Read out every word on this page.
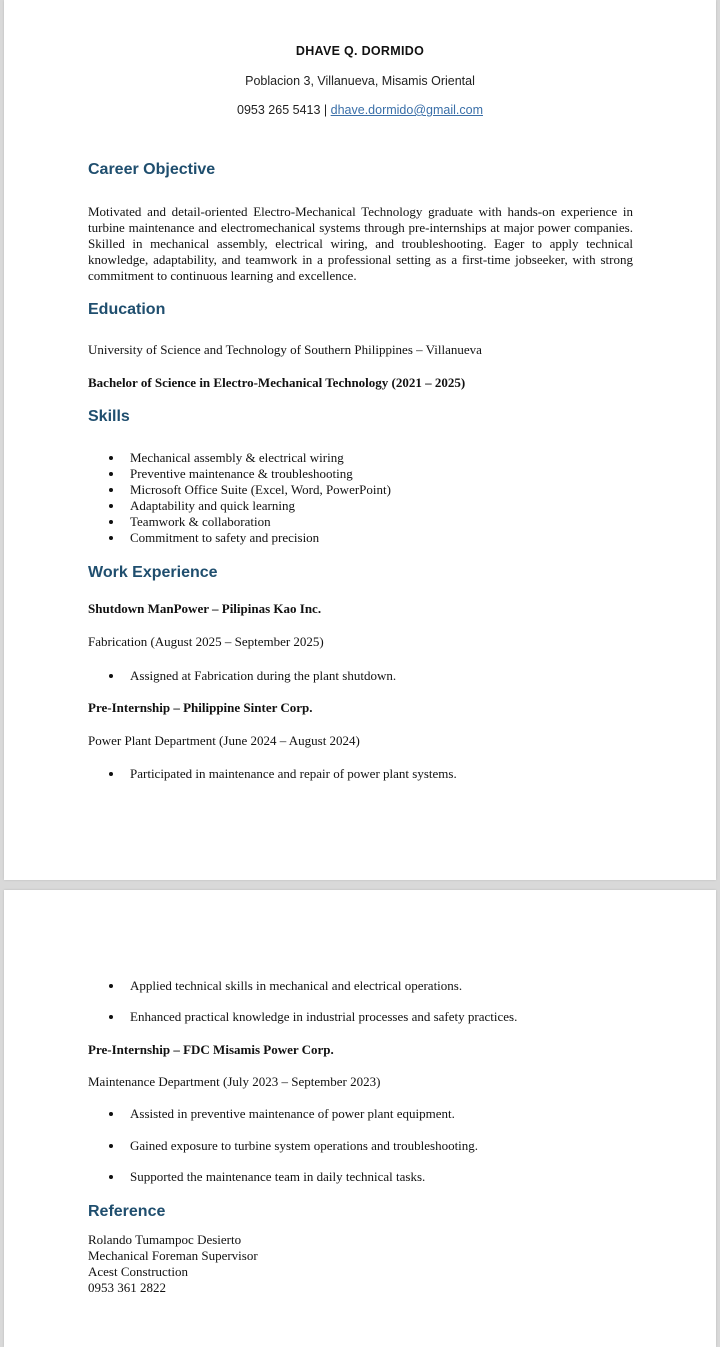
DHAVE Q. DORMIDO

Poblacion 3, Villanueva, Misamis Oriental

0953 265 5413 | dhave.dormido@gmail.com

Career Objective

Motivated and detail-oriented Electro-Mechanical Technology graduate with hands-on experience in turbine maintenance and electromechanical systems through pre-internships at major power companies. Skilled in mechanical assembly, electrical wiring, and troubleshooting. Eager to apply technical knowledge, adaptability, and teamwork in a professional setting as a first-time jobseeker, with strong commitment to continuous learning and excellence.

Education

University of Science and Technology of Southern Philippines – Villanueva

Bachelor of Science in Electro-Mechanical Technology (2021 – 2025)

Skills

Mechanical assembly & electrical wiring
Preventive maintenance & troubleshooting
Microsoft Office Suite (Excel, Word, PowerPoint)
Adaptability and quick learning
Teamwork & collaboration
Commitment to safety and precision

Work Experience

Shutdown ManPower – Pilipinas Kao Inc.

Fabrication (August 2025 – September 2025)

Assigned at Fabrication during the plant shutdown.

Pre-Internship – Philippine Sinter Corp.

Power Plant Department (June 2024 – August 2024)

Participated in maintenance and repair of power plant systems.

Applied technical skills in mechanical and electrical operations.

Enhanced practical knowledge in industrial processes and safety practices.

Pre-Internship – FDC Misamis Power Corp.

Maintenance Department (July 2023 – September 2023)

Assisted in preventive maintenance of power plant equipment.

Gained exposure to turbine system operations and troubleshooting.

Supported the maintenance team in daily technical tasks.

Reference

Rolando Tumampoc Desierto
Mechanical Foreman Supervisor
Acest Construction
0953 361 2822
